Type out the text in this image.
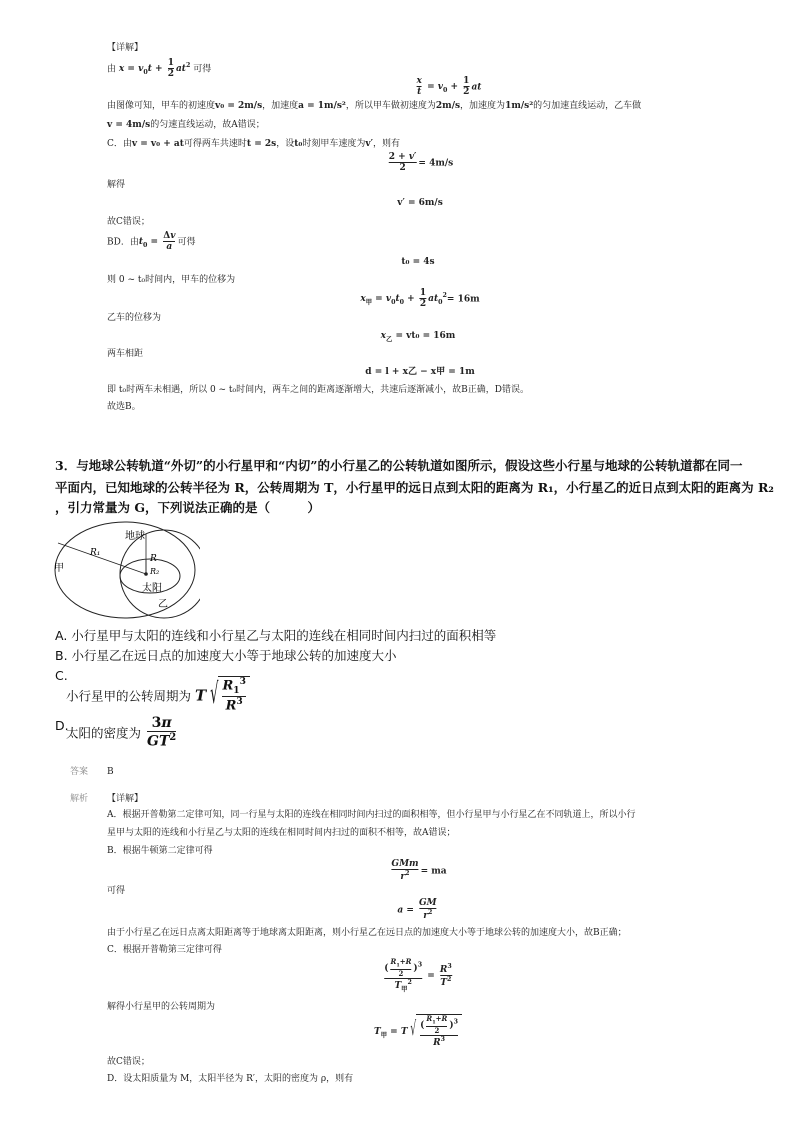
【详解】
由 $x = v_0t + \frac{1}{2} at^2$ 可得
$\frac{x}{t} = v_0 + \frac{1}{2}$ at
由图像可知，甲车的初速度v₀ = 2m/s，加速度a = 1m/s²，所以甲车做初速度为2m/s，加速度为1m/s²的匀加速直线运动，乙车做
v = 4m/s的匀速直线运动，故A错误；
C．由v = v₀ + at可得两车共速时t = 2s，设t₀时刻甲车速度为v′，则有
$\frac{2 + v'}{2} = 4m/s$
解得
v′ = 6m/s
故C错误；
BD．由$t_0 = \frac{\Delta v}{a}$ 可得
t₀ = 4s
则 0 ~ t₀时间内，甲车的位移为
$x_甲 = v_0t_0 + \frac{1}{2} at_0^2= 16m$
乙车的位移为
$x_乙 = vt_0 = 16m$
两车相距
d = l + x乙 − x甲 = 1m
即 t₀时两车未相遇，所以 0 ~ t₀时间内，两车之间的距离逐渐增大，共速后逐渐减小，故B正确，D错误。
故选B。
3．与地球公转轨道“外切”的小行星甲和“内切”的小行星乙的公转轨道如图所示，假设这些小行星与地球的公转轨道都在同一
平面内，已知地球的公转半径为 R，公转周期为 T，小行星甲的远日点到太阳的距离为 R₁，小行星乙的近日点到太阳的距离为 R₂
，引力常量为 G，下列说法正确的是（　　　）
R₁
地球
甲
R
R₂
太阳
乙
A. 小行星甲与太阳的连线和小行星乙与太阳的连线在相同时间内扫过的面积相等
B. 小行星乙在远日点的加速度大小等于地球公转的加速度大小
C.
小行星甲的公转周期为 T √ $\frac{R_1^3}{R^3}$
D.
太阳的密度为 $\frac{3\pi}{GT^2}$
答案 B
解析 【详解】
A．根据开普勒第二定律可知，同一行星与太阳的连线在相同时间内扫过的面积相等，但小行星甲与小行星乙在不同轨道上，所以小行
星甲与太阳的连线和小行星乙与太阳的连线在相同时间内扫过的面积不相等，故A错误；
B．根据牛顿第二定律可得
$\frac{\text{GMm}}{r^2}$ = ma
可得
$a = \frac{GM}{r^2}$
由于小行星乙在远日点离太阳距离等于地球离太阳距离，则小行星乙在远日点的加速度大小等于地球公转的加速度大小，故B正确；
C．根据开普勒第三定律可得
$\frac{( \frac{R_1+R}{2} )^3}{T_甲^2} = \frac{R^3}{T^2}$
解得小行星甲的公转周期为
$T_甲 = T$ √ $\frac{( \frac{R_1+R}{2} )^3}{R^3}$
故C错误；
D．设太阳质量为 M，太阳半径为 R′，太阳的密度为 ρ，则有
